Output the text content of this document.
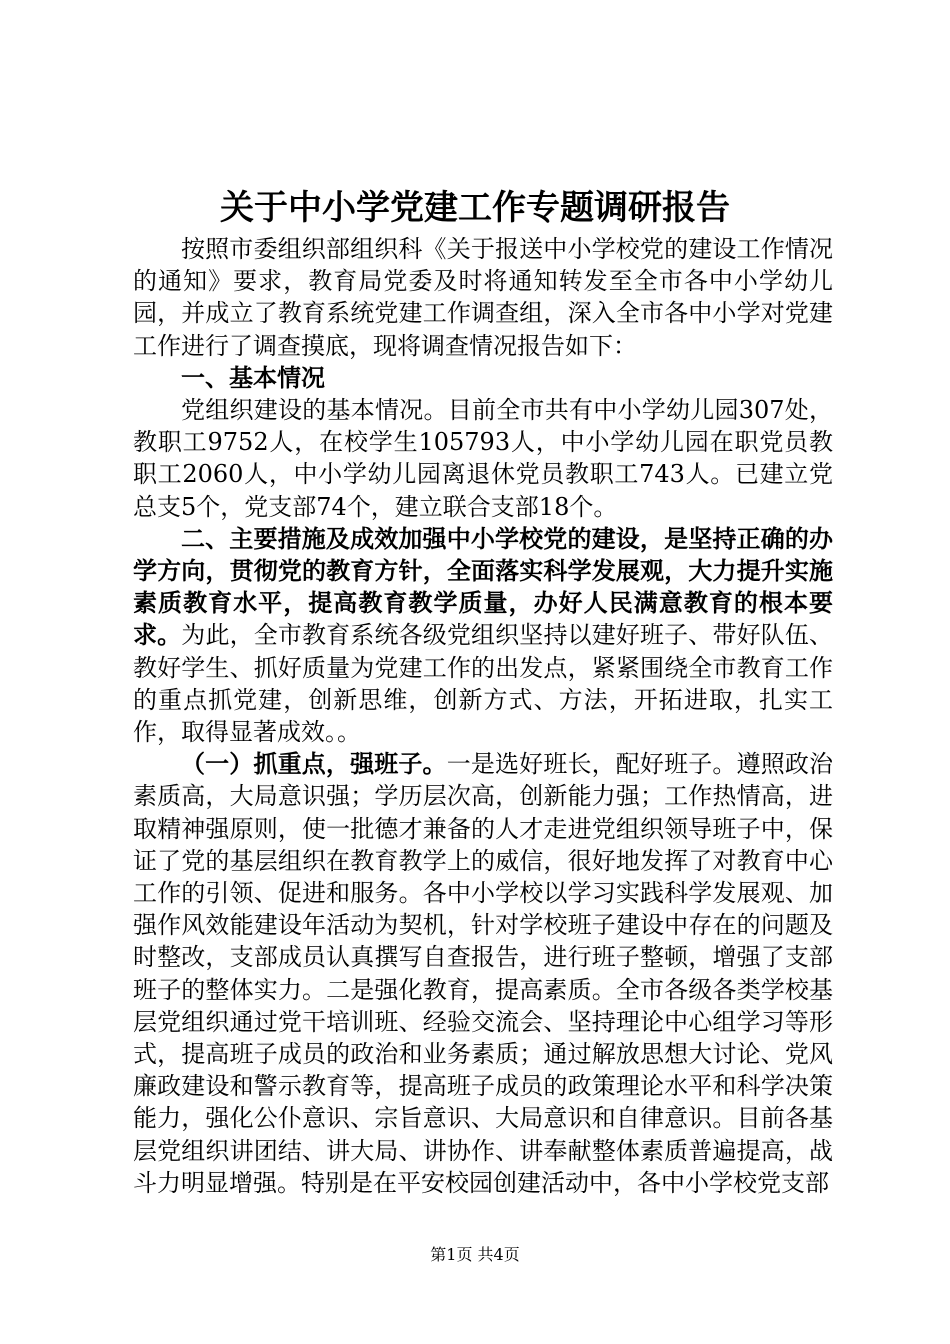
关于中小学党建工作专题调研报告

按照市委组织部组织科《关于报送中小学校党的建设工作情况的通知》要求，教育局党委及时将通知转发至全市各中小学幼儿园，并成立了教育系统党建工作调查组，深入全市各中小学对党建工作进行了调查摸底，现将调查情况报告如下：

一、基本情况

党组织建设的基本情况。目前全市共有中小学幼儿园307处，教职工9752人，在校学生105793人，中小学幼儿园在职党员教职工2060人，中小学幼儿园离退休党员教职工743人。已建立党总支5个，党支部74个，建立联合支部18个。

二、主要措施及成效加强中小学校党的建设，是坚持正确的办学方向，贯彻党的教育方针，全面落实科学发展观，大力提升实施素质教育水平，提高教育教学质量，办好人民满意教育的根本要求。为此，全市教育系统各级党组织坚持以建好班子、带好队伍、教好学生、抓好质量为党建工作的出发点，紧紧围绕全市教育工作的重点抓党建，创新思维，创新方式、方法，开拓进取，扎实工作，取得显著成效。。

（一）抓重点，强班子。一是选好班长，配好班子。遵照政治素质高，大局意识强；学历层次高，创新能力强；工作热情高，进取精神强原则，使一批德才兼备的人才走进党组织领导班子中，保证了党的基层组织在教育教学上的威信，很好地发挥了对教育中心工作的引领、促进和服务。各中小学校以学习实践科学发展观、加强作风效能建设年活动为契机，针对学校班子建设中存在的问题及时整改，支部成员认真撰写自查报告，进行班子整顿，增强了支部班子的整体实力。二是强化教育，提高素质。全市各级各类学校基层党组织通过党干培训班、经验交流会、坚持理论中心组学习等形式，提高班子成员的政治和业务素质；通过解放思想大讨论、党风廉政建设和警示教育等，提高班子成员的政策理论水平和科学决策能力，强化公仆意识、宗旨意识、大局意识和自律意识。目前各基层党组织讲团结、讲大局、讲协作、讲奉献整体素质普遍提高，战斗力明显增强。特别是在平安校园创建活动中，各中小学校党支部

第1页 共4页
